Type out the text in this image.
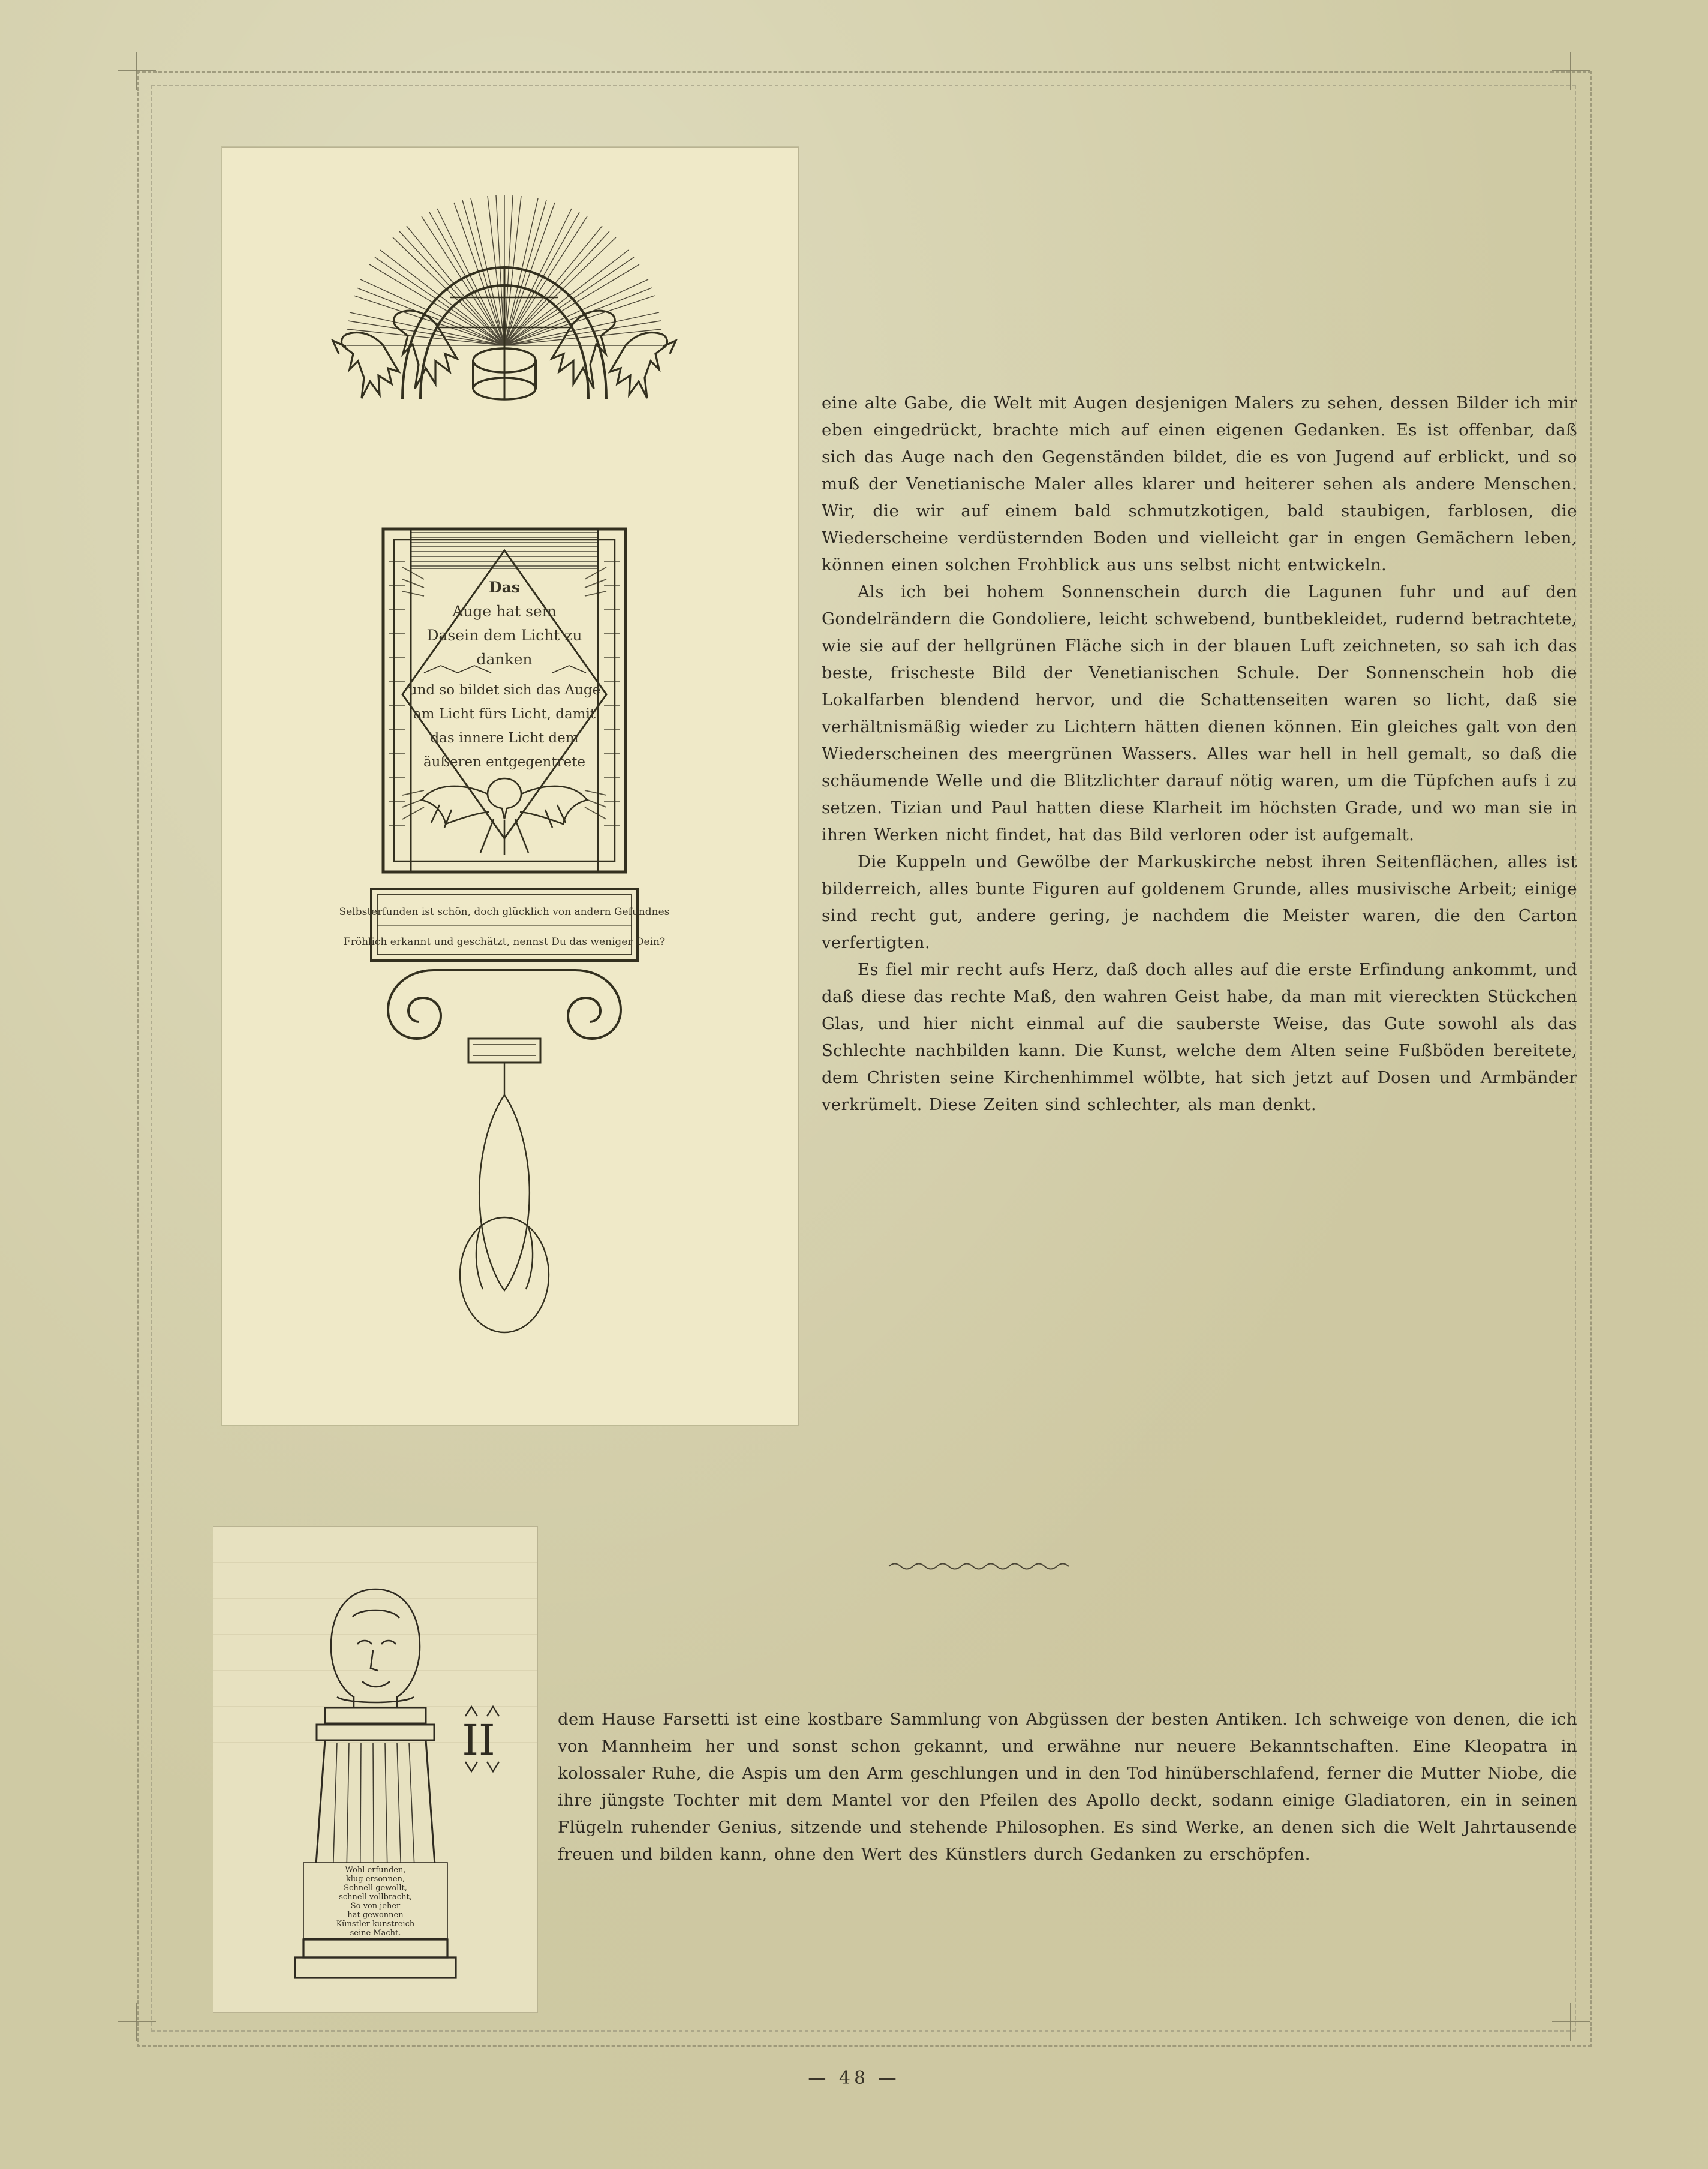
Das
Auge hat sein
Dasein dem Licht zu
danken
und so bildet sich das Auge
am Licht fürs Licht, damit
das innere Licht dem
äußeren entgegentrete
Selbsterfunden ist schön, doch glücklich von andern Gefundnes
Fröhlich erkannt und geschätzt, nennst Du das weniger Dein?
Wohl erfunden,
klug ersonnen,
Schnell gewollt,
schnell vollbracht,
So von jeher
hat gewonnen
Künstler kunstreich
seine Macht.
II

eine alte Gabe, die Welt mit Augen desjenigen Malers zu sehen, dessen Bilder ich mir eben eingedrückt, brachte mich auf einen eigenen Gedanken. Es ist offenbar, daß sich das Auge nach den Gegenständen bildet, die es von Jugend auf erblickt, und so muß der Venetianische Maler alles klarer und heiterer sehen als andere Menschen. Wir, die wir auf einem bald schmutzkotigen, bald staubigen, farblosen, die Wiederscheine verdüsternden Boden und vielleicht gar in engen Gemächern leben, können einen solchen Frohblick aus uns selbst nicht entwickeln.

Als ich bei hohem Sonnenschein durch die Lagunen fuhr und auf den Gondelrändern die Gondoliere, leicht schwebend, buntbekleidet, rudernd betrachtete, wie sie auf der hellgrünen Fläche sich in der blauen Luft zeichneten, so sah ich das beste, frischeste Bild der Venetianischen Schule. Der Sonnenschein hob die Lokalfarben blendend hervor, und die Schattenseiten waren so licht, daß sie verhältnismäßig wieder zu Lichtern hätten dienen können. Ein gleiches galt von den Wiederscheinen des meergrünen Wassers. Alles war hell in hell gemalt, so daß die schäumende Welle und die Blitzlichter darauf nötig waren, um die Tüpfchen aufs i zu setzen. Tizian und Paul hatten diese Klarheit im höchsten Grade, und wo man sie in ihren Werken nicht findet, hat das Bild verloren oder ist aufgemalt.

Die Kuppeln und Gewölbe der Markuskirche nebst ihren Seitenflächen, alles ist bilderreich, alles bunte Figuren auf goldenem Grunde, alles musivische Arbeit; einige sind recht gut, andere gering, je nachdem die Meister waren, die den Carton verfertigten.

Es fiel mir recht aufs Herz, daß doch alles auf die erste Erfindung ankommt, und daß diese das rechte Maß, den wahren Geist habe, da man mit viereckten Stückchen Glas, und hier nicht einmal auf die sauberste Weise, das Gute sowohl als das Schlechte nachbilden kann. Die Kunst, welche dem Alten seine Fußböden bereitete, dem Christen seine Kirchenhimmel wölbte, hat sich jetzt auf Dosen und Armbänder verkrümelt. Diese Zeiten sind schlechter, als man denkt.

dem Hause Farsetti ist eine kostbare Sammlung von Abgüssen der besten Antiken. Ich schweige von denen, die ich von Mannheim her und sonst schon gekannt, und erwähne nur neuere Bekanntschaften. Eine Kleopatra in kolossaler Ruhe, die Aspis um den Arm geschlungen und in den Tod hinüberschlafend, ferner die Mutter Niobe, die ihre jüngste Tochter mit dem Mantel vor den Pfeilen des Apollo deckt, sodann einige Gladiatoren, ein in seinen Flügeln ruhender Genius, sitzende und stehende Philosophen. Es sind Werke, an denen sich die Welt Jahrtausende freuen und bilden kann, ohne den Wert des Künstlers durch Gedanken zu erschöpfen.

— 48 —
